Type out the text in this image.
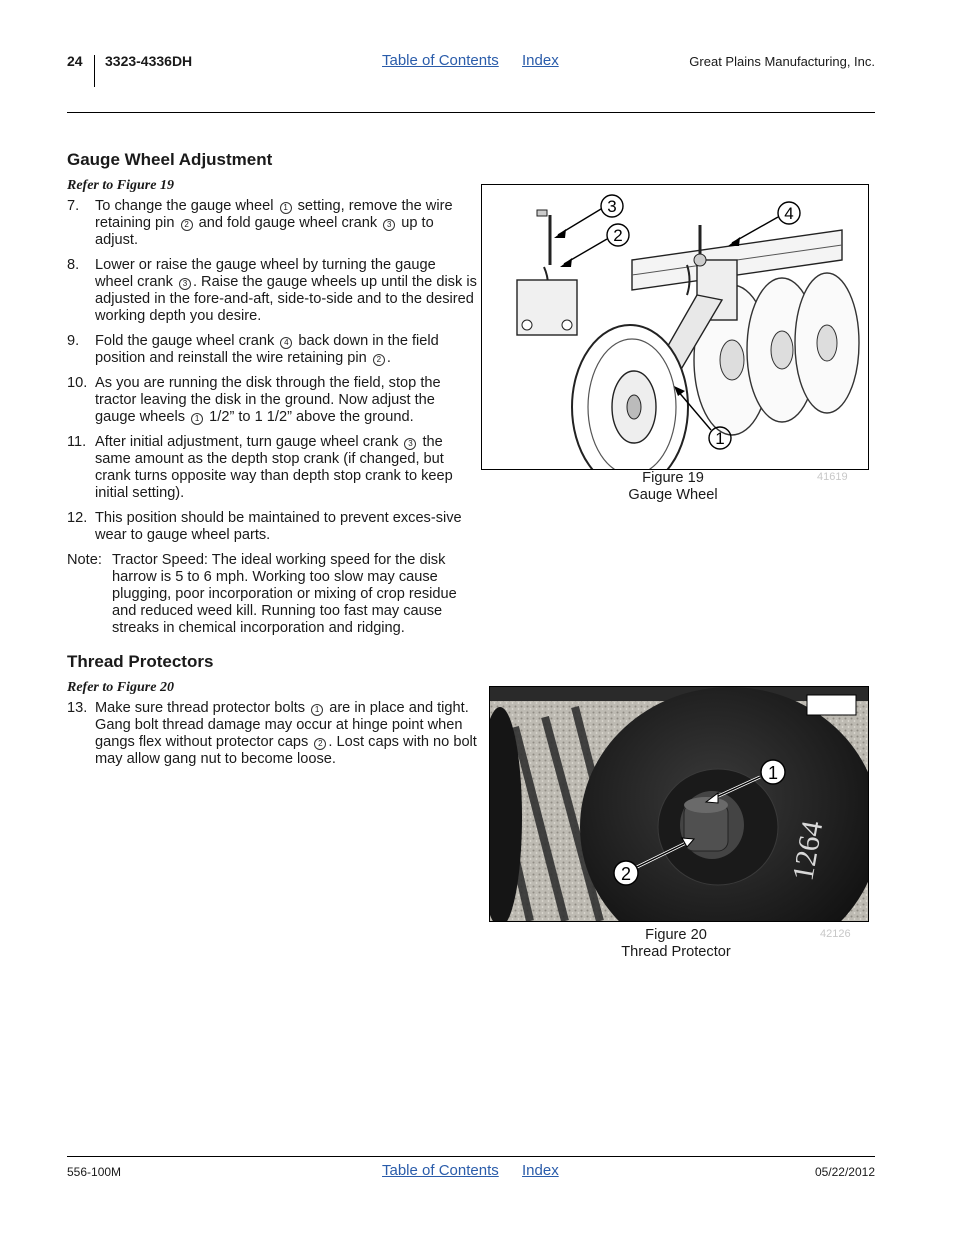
24 3323-4336DH	Table of Contents Index	Great Plains Manufacturing, Inc.
Gauge Wheel Adjustment
Refer to Figure 19
7.	To change the gauge wheel 1 setting, remove the wire retaining pin 2 and fold gauge wheel crank 3 up to adjust.
8.	Lower or raise the gauge wheel by turning the gauge wheel crank 3 . Raise the gauge wheels up until the disk is adjusted in the fore-and-aft, side-to-side and to the desired working depth you desire.
9.	Fold the gauge wheel crank 4 back down in the field position and reinstall the wire retaining pin 2 .
10. As you are running the disk through the field, stop the tractor leaving the disk in the ground. Now adjust the gauge wheels 1 1/2” to 1 1/2” above the ground.
11. After initial adjustment, turn gauge wheel crank 3 the same amount as the depth stop crank (if changed, but crank turns opposite way than depth stop crank to keep initial setting).
12. This position should be maintained to prevent exces-sive wear to gauge wheel parts.
Note: Tractor Speed: The ideal working speed for the disk harrow is 5 to 6 mph. Working too slow may cause plugging, poor incorporation or mixing of crop residue and reduced weed kill. Running too fast may cause streaks in chemical incorporation and ridging.
3
2
4
1
Figure 19
Gauge Wheel
41619
Thread Protectors
Refer to Figure 20
13. Make sure thread protector bolts 1 are in place and tight. Gang bolt thread damage may occur at hinge point when gangs flex without protector caps 2 . Lost caps with no bolt may allow gang nut to become loose.
1264
1
2
Figure 20
Thread Protector
42126
556-100M	Table of Contents Index	05/22/2012
